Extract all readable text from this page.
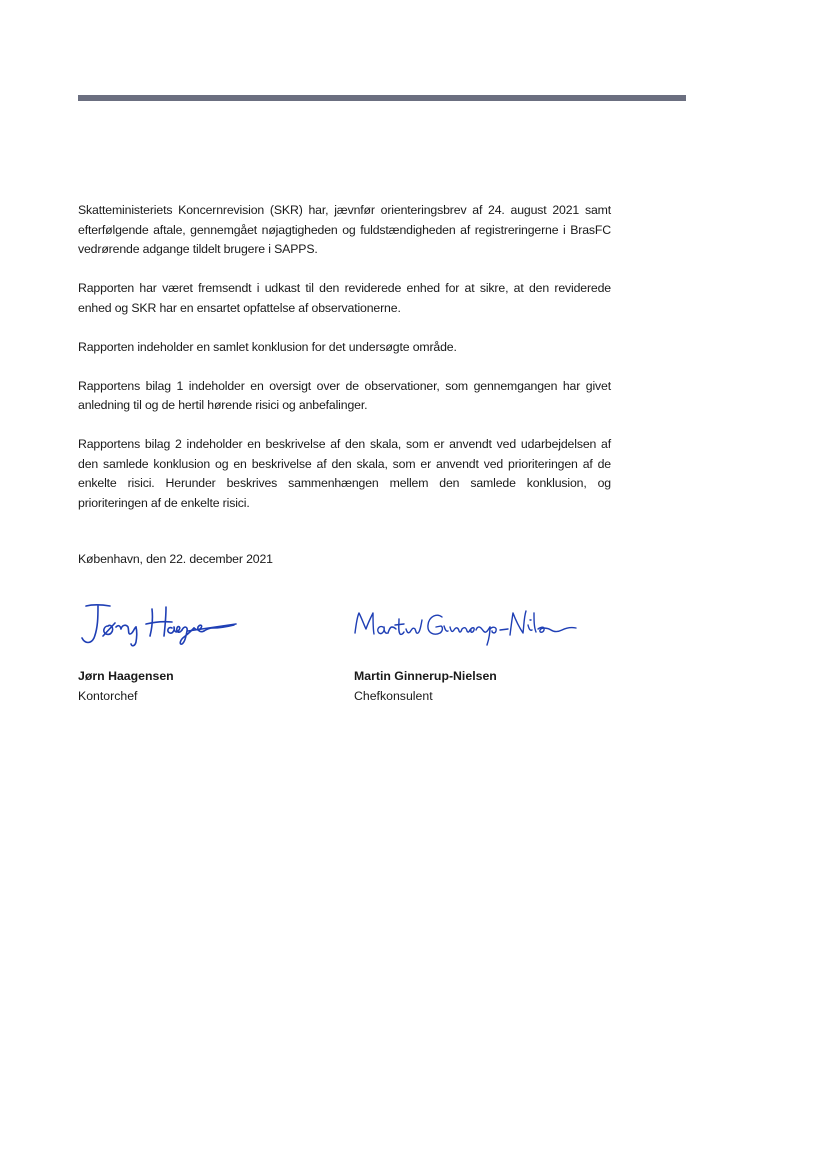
Skatteministeriets Koncernrevision (SKR) har, jævnfør orienteringsbrev af 24. august 2021 samt efterfølgende aftale, gennemgået nøjagtigheden og fuldstændigheden af registreringerne i BrasFC vedrørende adgange tildelt brugere i SAPPS.

Rapporten har været fremsendt i udkast til den reviderede enhed for at sikre, at den reviderede enhed og SKR har en ensartet opfattelse af observationerne.

Rapporten indeholder en samlet konklusion for det undersøgte område.

Rapportens bilag 1 indeholder en oversigt over de observationer, som gennemgangen har givet anledning til og de hertil hørende risici og anbefalinger.

Rapportens bilag 2 indeholder en beskrivelse af den skala, som er anvendt ved udarbejdelsen af den samlede konklusion og en beskrivelse af den skala, som er anvendt ved prioriteringen af de enkelte risici. Herunder beskrives sammenhængen mellem den samlede konklusion, og prioriteringen af de enkelte risici.

København, den 22. december 2021
Jørn Haagensen
Kontorchef
Martin Ginnerup-Nielsen
Chefkonsulent
